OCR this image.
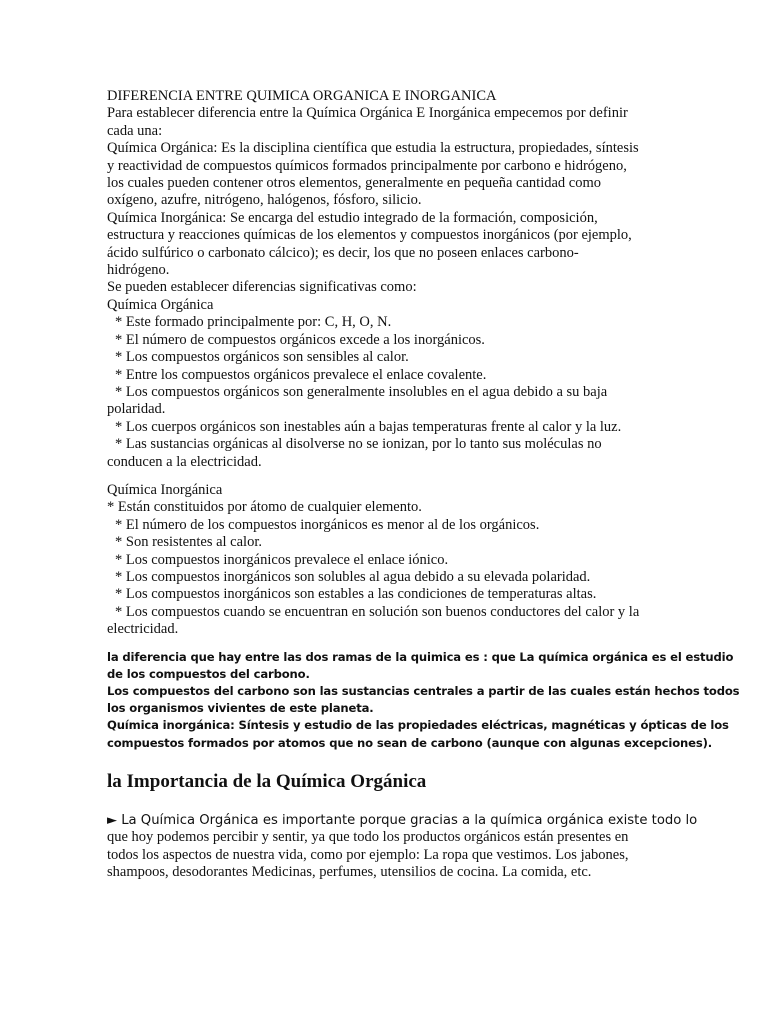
DIFERENCIA ENTRE QUIMICA ORGANICA E INORGANICA

Para establecer diferencia entre la Química Orgánica E Inorgánica empecemos por definir

cada una:

Química Orgánica: Es la disciplina científica que estudia la estructura, propiedades, síntesis

y reactividad de compuestos químicos formados principalmente por carbono e hidrógeno,

los cuales pueden contener otros elementos, generalmente en pequeña cantidad como

oxígeno, azufre, nitrógeno, halógenos, fósforo, silicio.

Química Inorgánica: Se encarga del estudio integrado de la formación, composición,

estructura y reacciones químicas de los elementos y compuestos inorgánicos (por ejemplo,

ácido sulfúrico o carbonato cálcico); es decir, los que no poseen enlaces carbono-

hidrógeno.

Se pueden establecer diferencias significativas como:

Química Orgánica

* Este formado principalmente por: C, H, O, N.

* El número de compuestos orgánicos excede a los inorgánicos.

* Los compuestos orgánicos son sensibles al calor.

* Entre los compuestos orgánicos prevalece el enlace covalente.

* Los compuestos orgánicos son generalmente insolubles en el agua debido a su baja

polaridad.

* Los cuerpos orgánicos son inestables aún a bajas temperaturas frente al calor y la luz.

* Las sustancias orgánicas al disolverse no se ionizan, por lo tanto sus moléculas no

conducen a la electricidad.

Química Inorgánica

* Están constituidos por átomo de cualquier elemento.

* El número de los compuestos inorgánicos es menor al de los orgánicos.

* Son resistentes al calor.

* Los compuestos inorgánicos prevalece el enlace iónico.

* Los compuestos inorgánicos son solubles al agua debido a su elevada polaridad.

* Los compuestos inorgánicos son estables a las condiciones de temperaturas altas.

* Los compuestos cuando se encuentran en solución son buenos conductores del calor y la

electricidad.

la diferencia que hay entre las dos ramas de la quimica es : que La química orgánica es el estudio

de los compuestos del carbono.

Los compuestos del carbono son las sustancias centrales a partir de las cuales están hechos todos

los organismos vivientes de este planeta.

Química inorgánica: Síntesis y estudio de las propiedades eléctricas, magnéticas y ópticas de los

compuestos formados por atomos que no sean de carbono (aunque con algunas excepciones).

la Importancia de la Química Orgánica

► La Química Orgánica es importante porque gracias a la química orgánica existe todo lo

que hoy podemos percibir y sentir, ya que todo los productos orgánicos están presentes en

todos los aspectos de nuestra vida, como por ejemplo: La ropa que vestimos. Los jabones,

shampoos, desodorantes Medicinas, perfumes, utensilios de cocina. La comida, etc.
